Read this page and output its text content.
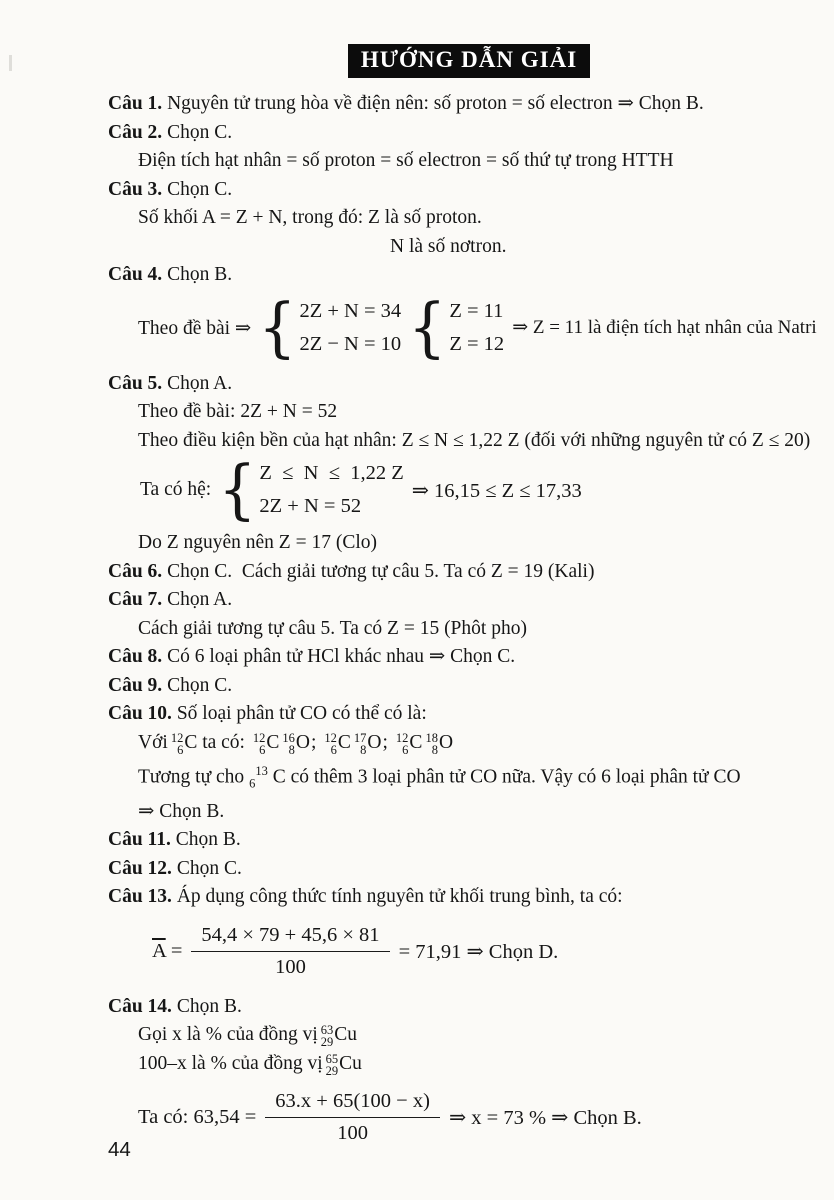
HƯỚNG DẪN GIẢI

Câu 1. Nguyên tử trung hòa về điện nên: số proton = số electron ⇒ Chọn B.

Câu 2. Chọn C.

Điện tích hạt nhân = số proton = số electron = số thứ tự trong HTTH

Câu 3. Chọn C.

Số khối A = Z + N, trong đó: Z là số proton.

N là số nơtron.

Câu 4. Chọn B.

Theo đề bài ⇒ { 2Z + N = 34
2Z − N = 10 { Z = 11
Z = 12
⇒ Z = 11 là điện tích hạt nhân của Natri

Câu 5. Chọn A.

Theo đề bài: 2Z + N = 52

Theo điều kiện bền của hạt nhân: Z ≤ N ≤ 1,22 Z (đối với những nguyên tử có Z ≤ 20)

Ta có hệ: { Z  ≤  N  ≤  1,22 Z
2Z + N = 52
⇒ 16,15 ≤ Z ≤ 17,33

Do Z nguyên nên Z = 17 (Clo)

Câu 6. Chọn C.  Cách giải tương tự câu 5. Ta có Z = 19 (Kali)

Câu 7. Chọn A.

Cách giải tương tự câu 5. Ta có Z = 15 (Phôt pho)

Câu 8. Có 6 loại phân tử HCl khác nhau ⇒ Chọn C.

Câu 9. Chọn C.

Câu 10. Số loại phân tử CO có thể có là:

Với 12
6 C ta có: 12
6 C 16
8 O; 12
6 C 17
8 O; 12
6 C 18
8 O

Tương tự cho $_6^{13}$ C có thêm 3 loại phân tử CO nữa. Vậy có 6 loại phân tử CO

⇒ Chọn B.

Câu 11. Chọn B.

Câu 12. Chọn C.

Câu 13. Áp dụng công thức tính nguyên tử khối trung bình, ta có:

$\overline{A} = \frac{54,4 \times 79 + 45,6 \times 81}{100} = 71,91$ ⇒ Chọn D.

Câu 14. Chọn B.

Gọi x là % của đồng vị 63
29 Cu

100–x là % của đồng vị 65
29 Cu

Ta có: $63,54 = \frac{63.x + 65(100 - x)}{100}$ ⇒ x = 73 % ⇒ Chọn B.
44
